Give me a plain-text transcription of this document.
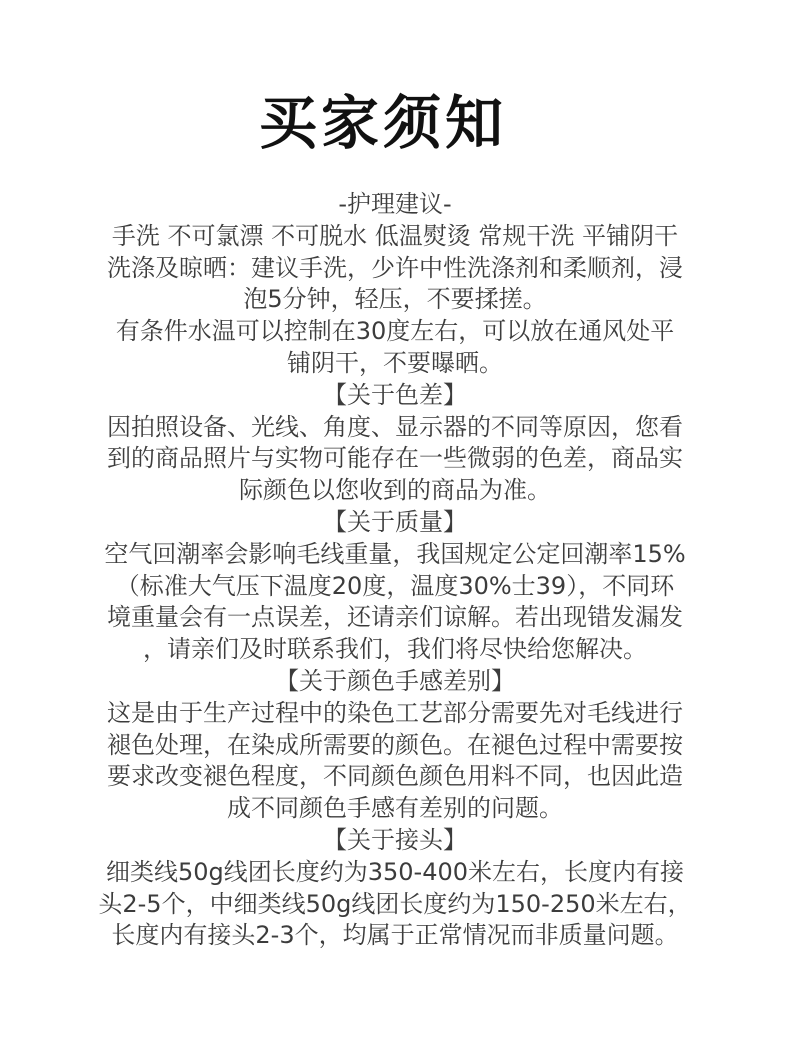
买家须知
-护理建议-
手洗 不可氯漂 不可脱水 低温熨烫 常规干洗 平铺阴干
洗涤及晾晒：建议手洗，少许中性洗涤剂和柔顺剂，浸
泡5分钟，轻压，不要揉搓。
有条件水温可以控制在30度左右，可以放在通风处平
铺阴干，不要曝晒。
【关于色差】
因拍照设备、光线、角度、显示器的不同等原因，您看
到的商品照片与实物可能存在一些微弱的色差，商品实
际颜色以您收到的商品为准。
【关于质量】
空气回潮率会影响毛线重量，我国规定公定回潮率15%
（标准大气压下温度20度，温度30%士39），不同环
境重量会有一点误差，还请亲们谅解。若出现错发漏发
，请亲们及时联系我们，我们将尽快给您解决。
【关于颜色手感差别】
这是由于生产过程中的染色工艺部分需要先对毛线进行
褪色处理，在染成所需要的颜色。在褪色过程中需要按
要求改变褪色程度，不同颜色颜色用料不同，也因此造
成不同颜色手感有差别的问题。
【关于接头】
细类线50g线团长度约为350-400米左右，长度内有接
头2-5个，中细类线50g线团长度约为150-250米左右，
长度内有接头2-3个，均属于正常情况而非质量问题。
